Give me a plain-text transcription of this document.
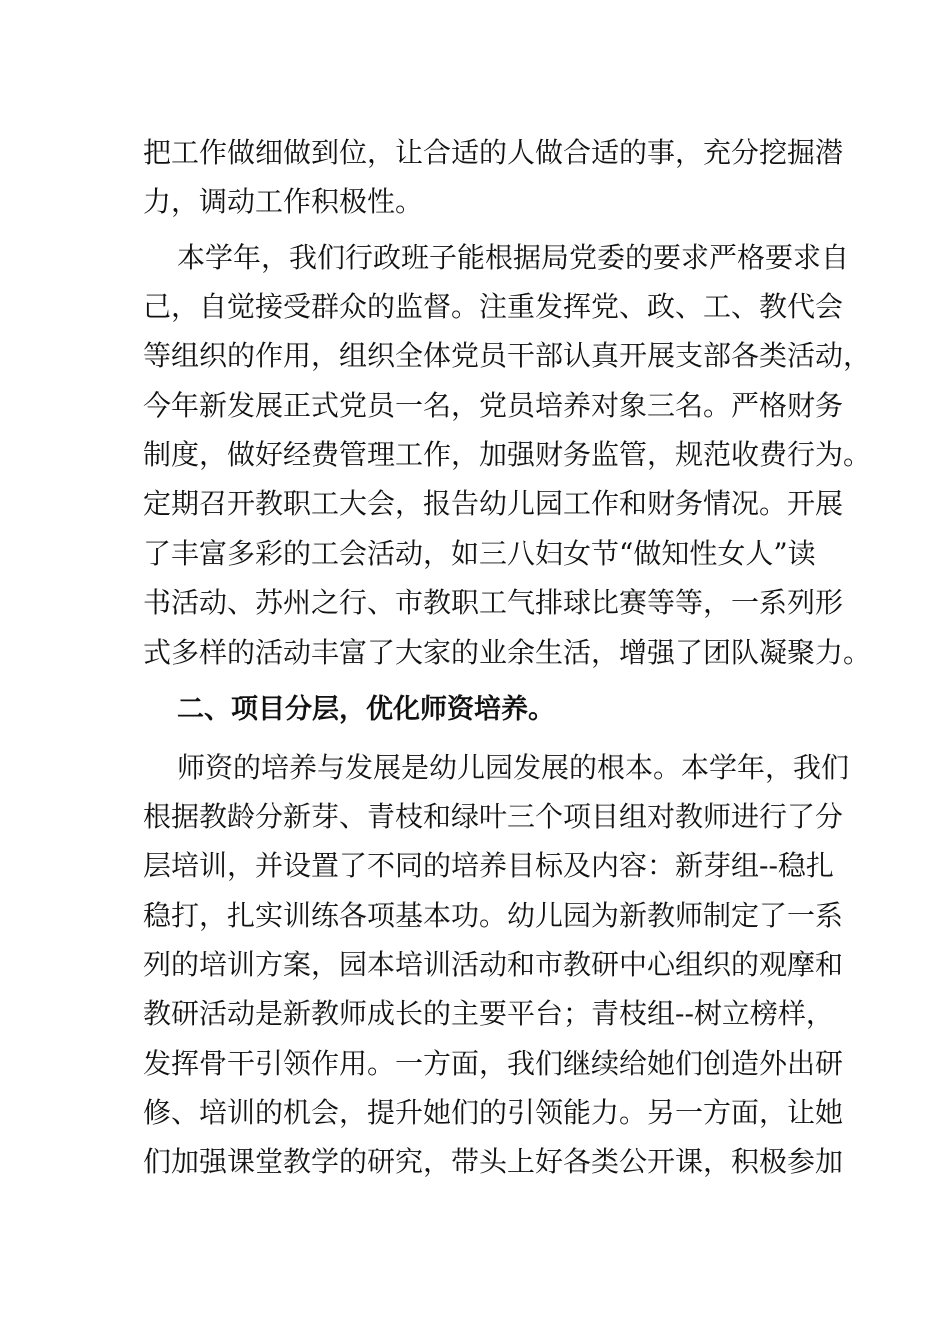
把工作做细做到位，让合适的人做合适的事，充分挖掘潜
力，调动工作积极性。
本学年，我们行政班子能根据局党委的要求严格要求自
己，自觉接受群众的监督。注重发挥党、政、工、教代会
等组织的作用，组织全体党员干部认真开展支部各类活动，
今年新发展正式党员一名，党员培养对象三名。严格财务
制度，做好经费管理工作，加强财务监管，规范收费行为。
定期召开教职工大会，报告幼儿园工作和财务情况。开展
了丰富多彩的工会活动，如三八妇女节“做知性女人”读
书活动、苏州之行、市教职工气排球比赛等等，一系列形
式多样的活动丰富了大家的业余生活，增强了团队凝聚力。
二、项目分层，优化师资培养。
师资的培养与发展是幼儿园发展的根本。本学年，我们
根据教龄分新芽、青枝和绿叶三个项目组对教师进行了分
层培训，并设置了不同的培养目标及内容：新芽组--稳扎
稳打，扎实训练各项基本功。幼儿园为新教师制定了一系
列的培训方案，园本培训活动和市教研中心组织的观摩和
教研活动是新教师成长的主要平台；青枝组--树立榜样，
发挥骨干引领作用。一方面，我们继续给她们创造外出研
修、培训的机会，提升她们的引领能力。另一方面，让她
们加强课堂教学的研究，带头上好各类公开课，积极参加
